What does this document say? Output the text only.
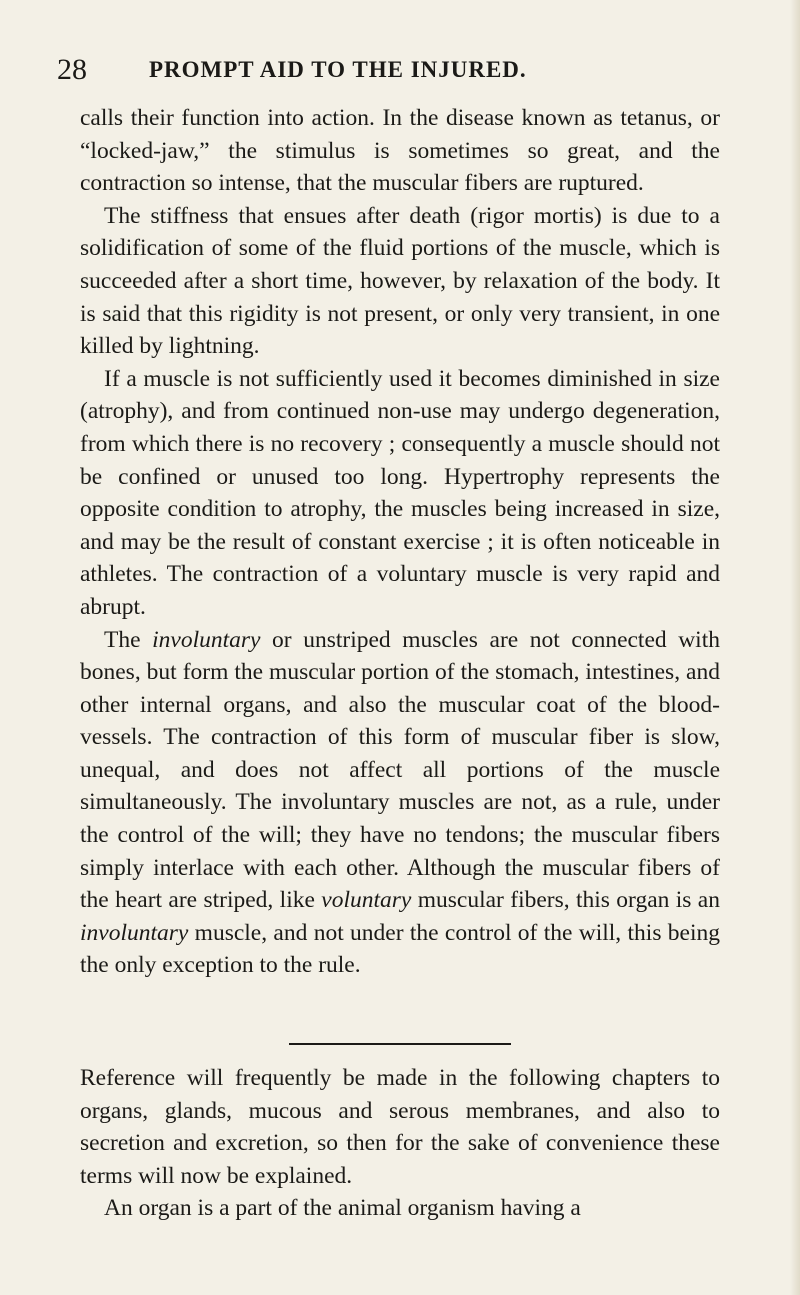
28	PROMPT AID TO THE INJURED.

calls their function into action. In the disease known as tetanus, or “locked-jaw,” the stimulus is sometimes so great, and the contraction so intense, that the muscular fibers are ruptured.

The stiffness that ensues after death (rigor mortis) is due to a solidification of some of the fluid portions of the muscle, which is succeeded after a short time, however, by relaxation of the body. It is said that this rigidity is not present, or only very transient, in one killed by lightning.

If a muscle is not sufficiently used it becomes diminished in size (atrophy), and from continued non-use may undergo degeneration, from which there is no recovery ; consequently a muscle should not be confined or unused too long. Hypertrophy represents the opposite condition to atrophy, the muscles being increased in size, and may be the result of constant exercise ; it is often noticeable in athletes. The contraction of a voluntary muscle is very rapid and abrupt.

The involuntary or unstriped muscles are not connected with bones, but form the muscular portion of the stomach, intestines, and other internal organs, and also the muscular coat of the blood-vessels. The contraction of this form of muscular fiber is slow, unequal, and does not affect all portions of the muscle simultaneously. The involuntary muscles are not, as a rule, under the control of the will; they have no tendons; the muscular fibers simply interlace with each other. Although the muscular fibers of the heart are striped, like voluntary muscular fibers, this organ is an involuntary muscle, and not under the control of the will, this being the only exception to the rule.

Reference will frequently be made in the following chapters to organs, glands, mucous and serous membranes, and also to secretion and excretion, so then for the sake of convenience these terms will now be explained.

An organ is a part of the animal organism having a
